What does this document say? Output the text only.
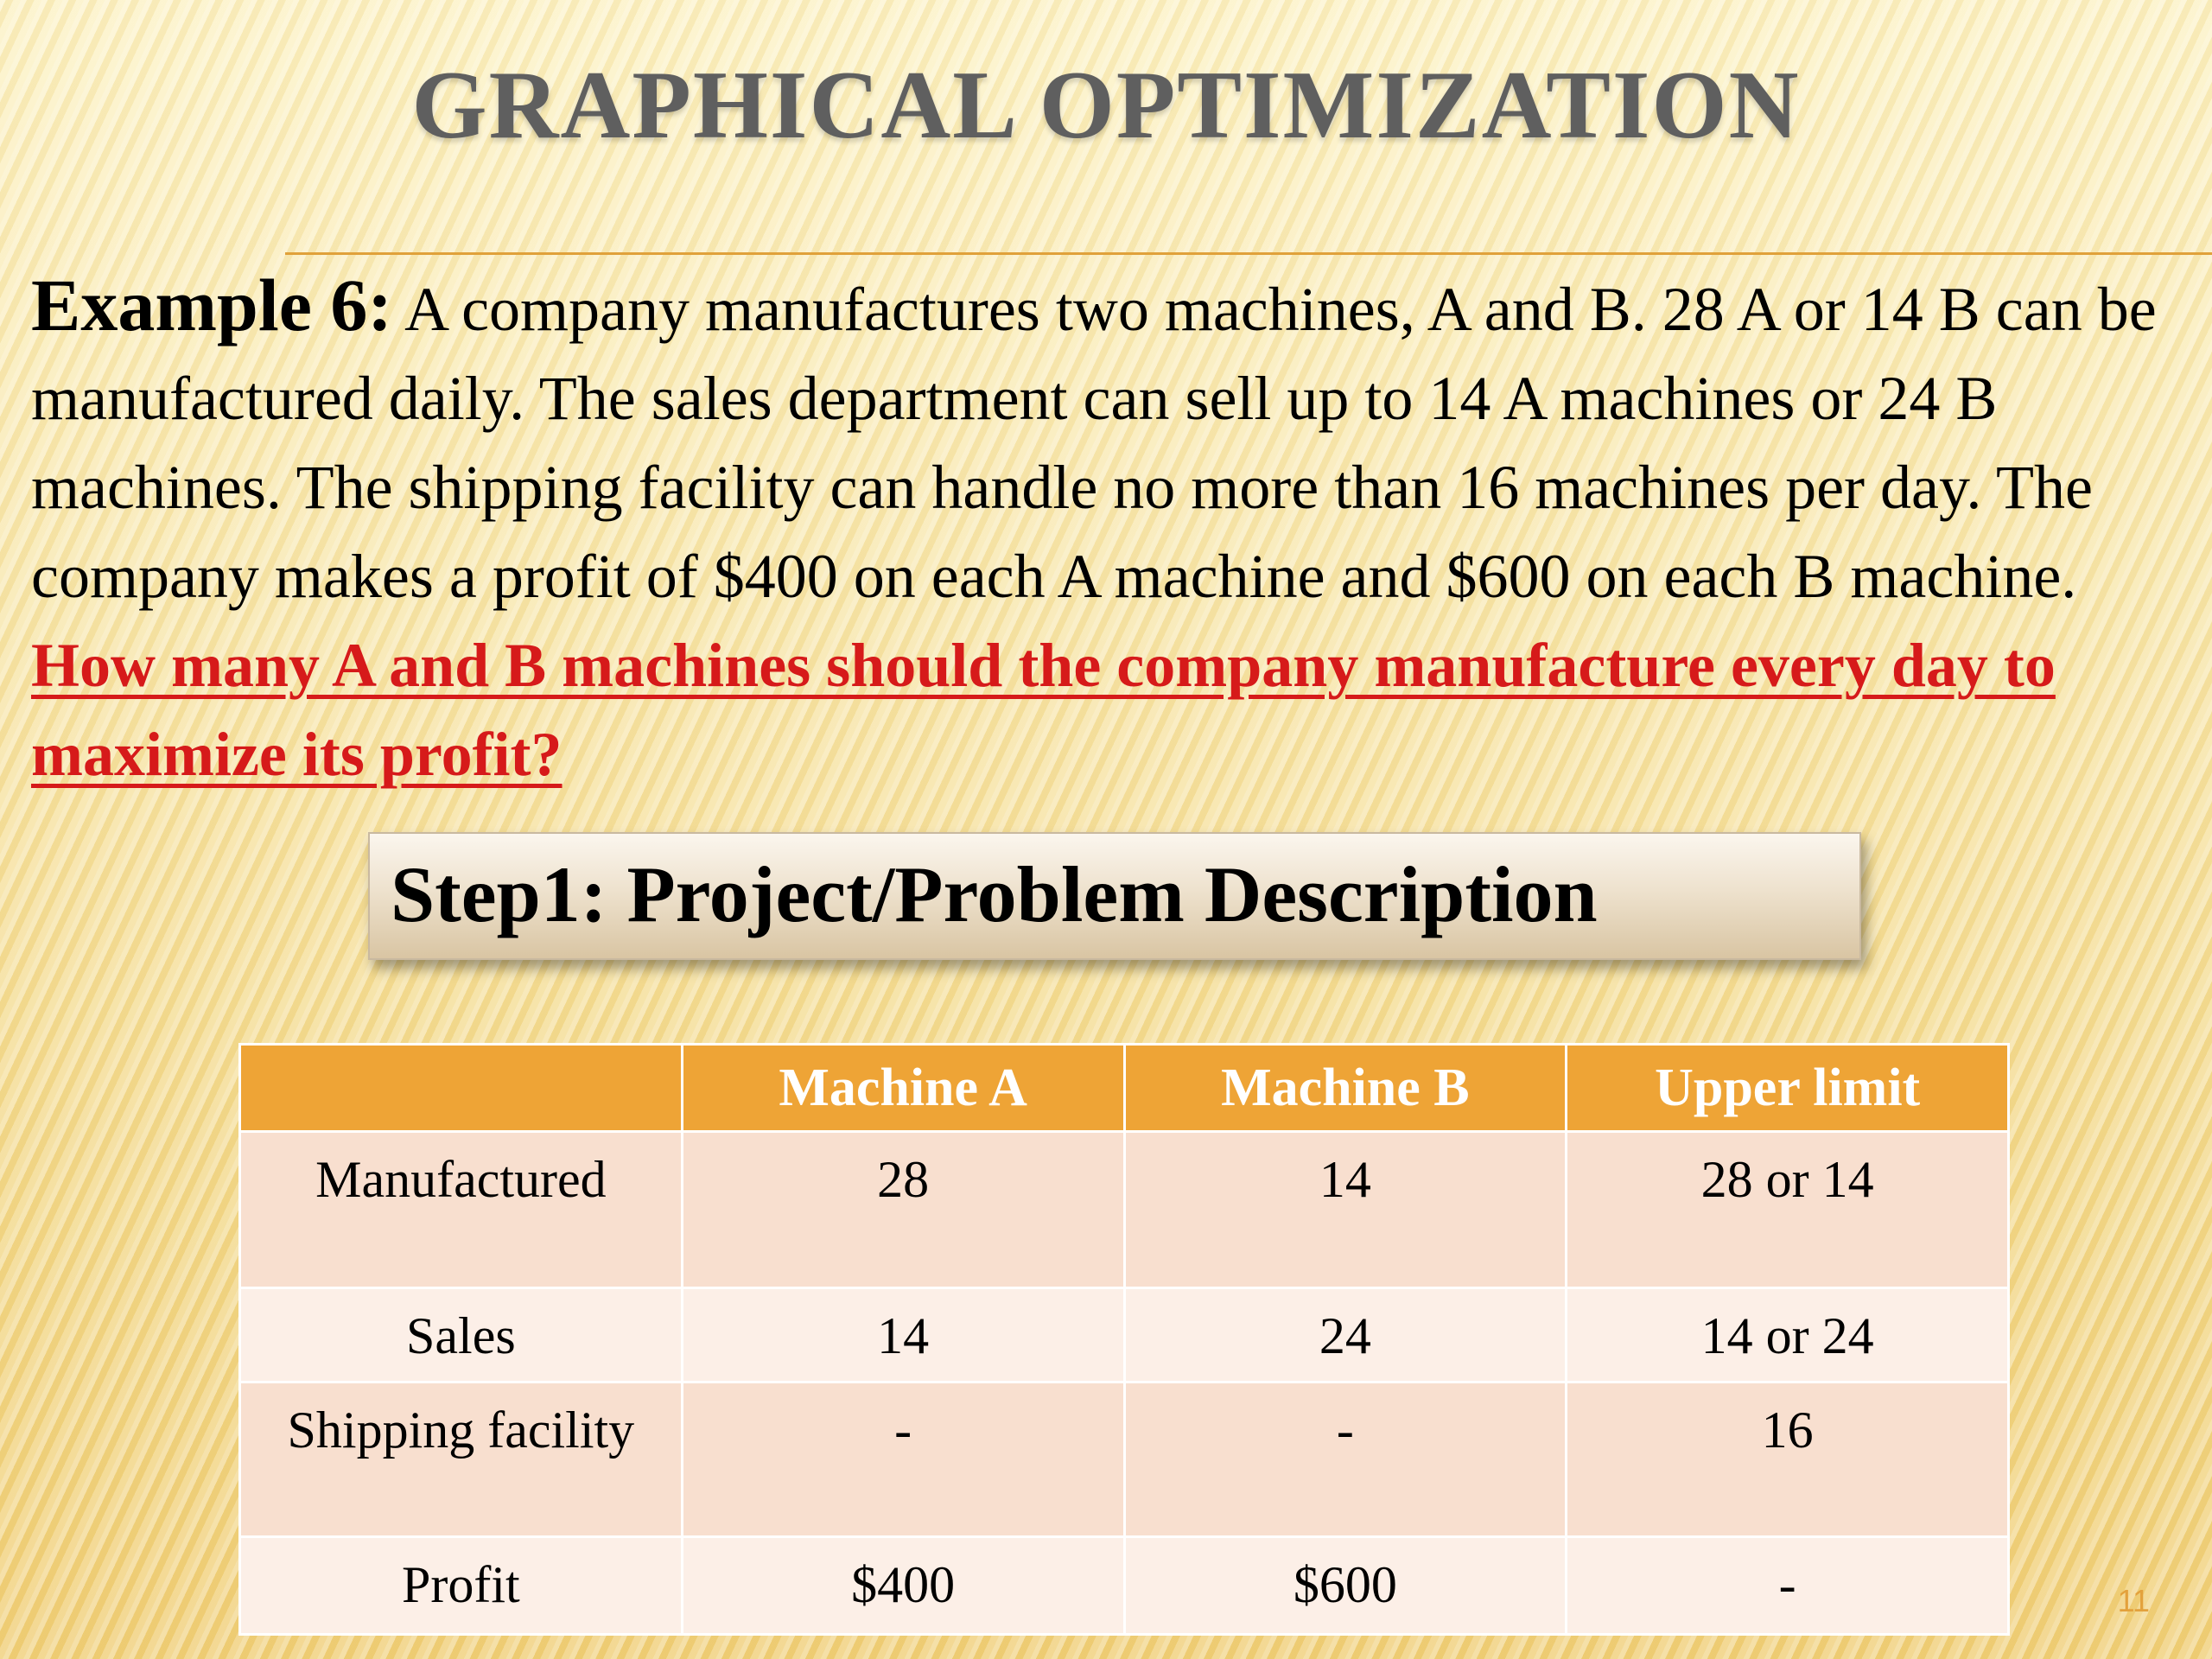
GRAPHICAL OPTIMIZATION
Example 6: A company manufactures two machines, A and B. 28 A or 14 B can be manufactured daily. The sales department can sell up to 14 A machines or 24 B machines. The shipping facility can handle no more than 16 machines per day. The company makes a profit of $400 on each A machine and $600 on each B machine. How many A and B machines should the company manufacture every day to maximize its profit?
Step1: Project/Problem Description
	Machine A	Machine B	Upper limit
Manufactured	28	14	28 or 14
Sales	14	24	14 or 24
Shipping facility	-	-	16
Profit	$400	$600	-	11
